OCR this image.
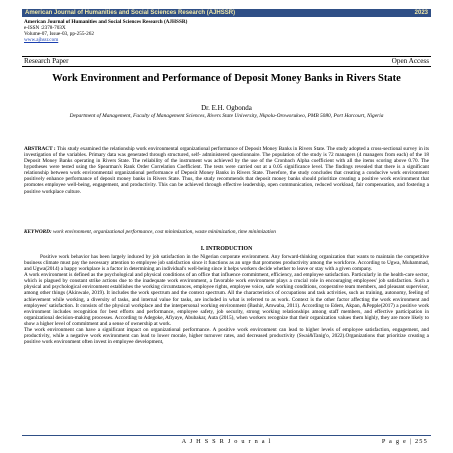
American Journal of Humanities and Social Sciences Research (AJHSSR)	2023
American Journal of Humanities and Social Sciences Research (AJHSSR)
e-ISSN :2378-703X
Volume-07, Issue-03, pp-255-262
www.ajhssr.com
Research Paper	Open Access
Work Environment and Performance of Deposit Money Banks in Rivers State
Dr. E.H. Ogbonda
Department of Management, Faculty of Management Sciences, Rivers State University, Nkpolu-Oroworukwo, PMB 5080, Port Harcourt, Nigeria
ABSTRACT : This study examined the relationship work environmental organizational performance of Deposit Money Banks in Rivers State. The study adopted a cross-sectional survey in its investigation of the variables. Primary data was generated through structured, self- administered questionnaire. The population of the study is 72 managers (4 managers from each) of the 18 Deposit Money Banks operating in Rivers State. The reliability of the instrument was achieved by the use of the Cronbach Alpha coefficient with all the items scoring above 0.70. The hypotheses were tested using the Spearman's Rank Order Correlation Coefficient. The tests were carried out at a 0.05 significance level. The findings revealed that there is a significant relationship between work environmental organizational performance of Deposit Money Banks in Rivers State. Therefore, the study concludes that creating a conducive work environment positively enhance performance of deposit money banks in Rivers State. Thus, the study recommends that deposit money banks should prioritize creating a positive work environment that promotes employee well-being, engagement, and productivity. This can be achieved through effective leadership, open communication, reduced workload, fair compensation, and fostering a positive workplace culture.
KEYWORD: work environment, organizational performance, cost minimization, waste minimization, time minimization
I. INTRODUCTION

Positive work behavior has been largely induced by job satisfaction in the Nigerian corporate environment. Any forward-thinking organization that wants to maintain the competitive business climate must pay the necessary attention to employee job satisfaction since it functions as an urge that promotes productivity among the workforce. According to Ugwa, Muhammad, and Ugwa(2014) a happy workplace is a factor in determining an individual's well-being since it helps workers decide whether to leave or stay with a given company.

A work environment is defined as the psychological and physical conditions of an office that influence commitment, efficiency, and employee satisfaction. Particularly in the health-care sector, which is plagued by constant strike actions due to the inadequate work environment, a favorable work environment plays a crucial role in encouraging employees' job satisfaction. Such a physical and psychological environment establishes the working circumstances, employee rights, employee voice, safe working conditions, cooperative team members, and pleasant supervisor, among other things (Akinwale, 2019). It includes the work spectrum and the context spectrum. All the characteristics of occupations and task activities, such as training, autonomy, feeling of achievement while working, a diversity of tasks, and internal value for tasks, are included in what is referred to as work. Context is the other factor affecting the work environment and employees' satisfaction. It consists of the physical workplace and the interpersonal working environment (Bashir, Amwaba, 2011). According to Edem, Akpan, &Pepple(2017) a positive work environment includes recognition for best efforts and performance, employee safety, job security, strong working relationships among staff members, and effective participation in organizational decision-making processes. According to Adegoke, Afiyaye, Abubakar, Auta (2015), when workers recognize that their organization values them highly, they are more likely to show a higher level of commitment and a sense of ownership at work.

The work environment can have a significant impact on organizational performance. A positive work environment can lead to higher levels of employee satisfaction, engagement, and productivity, while a negative work environment can lead to lower morale, higher turnover rates, and decreased productivity (Swai&Tanig'o, 2022).Organizations that prioritize creating a positive work environment often invest in employee development,

A J H S S R J o u r n a l	P a g e | 255
